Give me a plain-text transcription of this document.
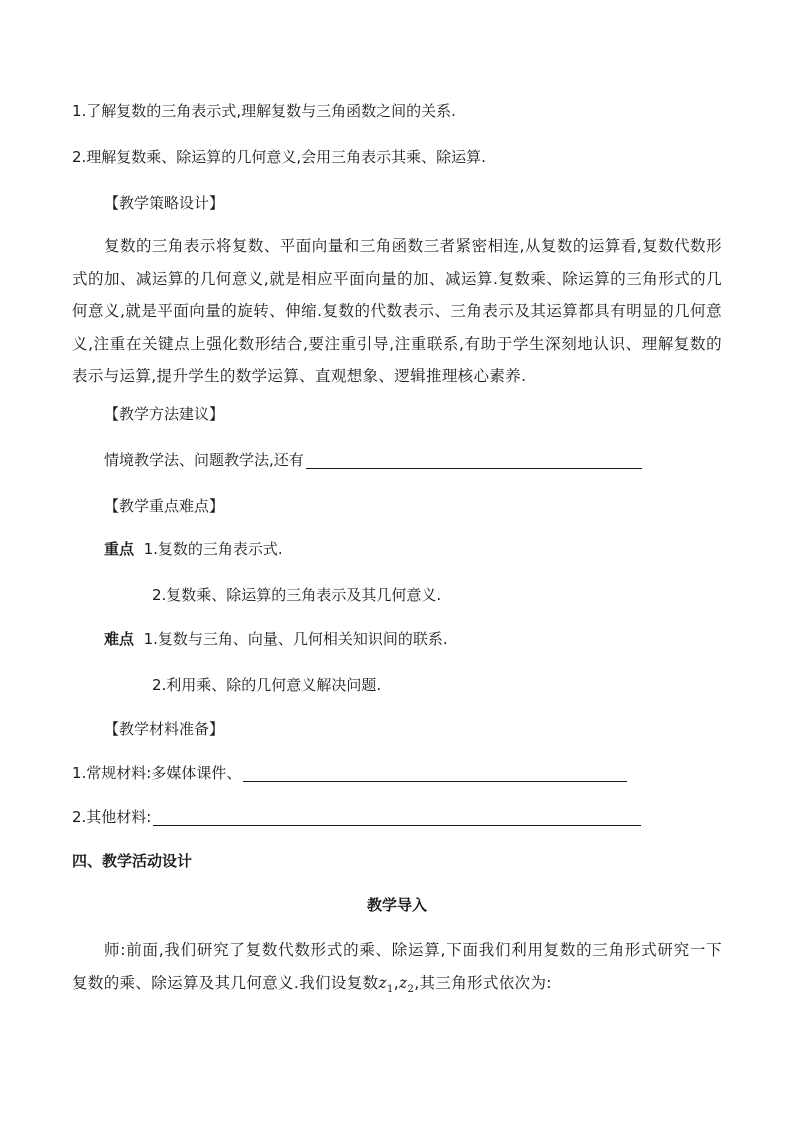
1.了解复数的三角表示式,理解复数与三角函数之间的关系.
2.理解复数乘、除运算的几何意义,会用三角表示其乘、除运算.
【教学策略设计】
复数的三角表示将复数、平面向量和三角函数三者紧密相连,从复数的运算看,复数代数形式的加、减运算的几何意义,就是相应平面向量的加、减运算.复数乘、除运算的三角形式的几何意义,就是平面向量的旋转、伸缩.复数的代数表示、三角表示及其运算都具有明显的几何意义,注重在关键点上强化数形结合,要注重引导,注重联系,有助于学生深刻地认识、理解复数的表示与运算,提升学生的数学运算、直观想象、逻辑推理核心素养.
【教学方法建议】
情境教学法、问题教学法,还有
【教学重点难点】
重点 1.复数的三角表示式.
2.复数乘、除运算的三角表示及其几何意义.
难点 1.复数与三角、向量、几何相关知识间的联系.
2.利用乘、除的几何意义解决问题.
【教学材料准备】
1.常规材料:多媒体课件、
2.其他材料:
四、教学活动设计
教学导入
师:前面,我们研究了复数代数形式的乘、除运算,下面我们利用复数的三角形式研究一下复数的乘、除运算及其几何意义.我们设复数$z_1,z_2$,其三角形式依次为:
